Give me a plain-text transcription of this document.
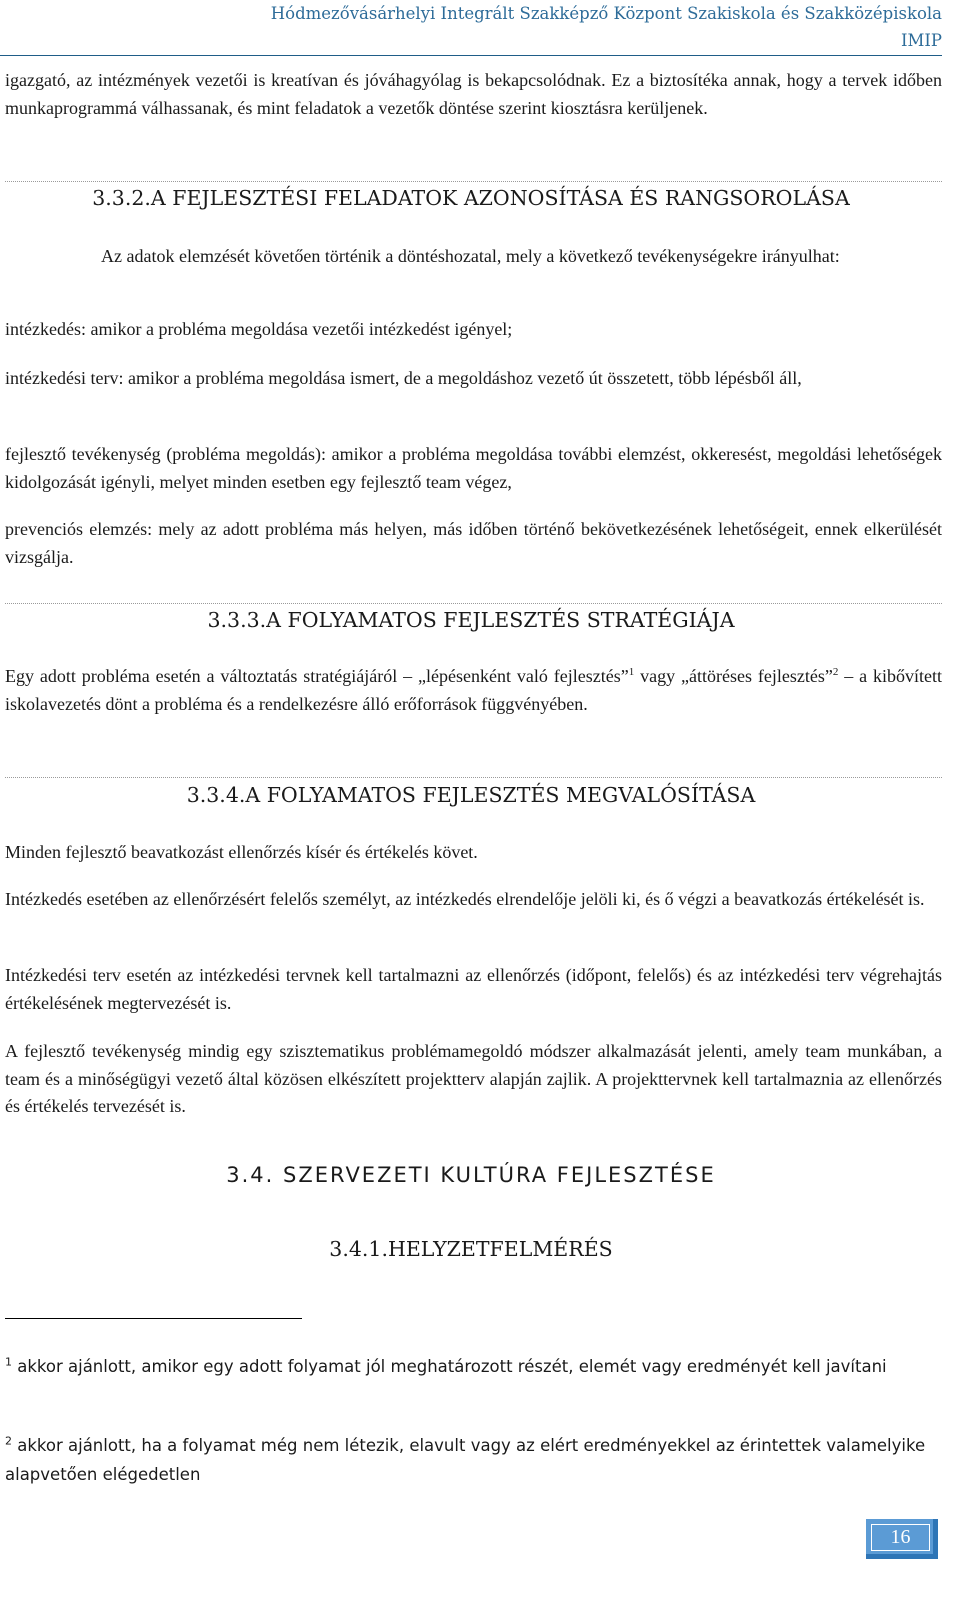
Hódmezővásárhelyi Integrált Szakképző Központ Szakiskola és Szakközépiskola
IMIP
igazgató, az intézmények vezetői is kreatívan és jóváhagyólag is bekapcsolódnak. Ez a biztosítéka annak, hogy a tervek időben munkaprogrammá válhassanak, és mint feladatok a vezetők döntése szerint kiosztásra kerüljenek.
3.3.2.A FEJLESZTÉSI FELADATOK AZONOSÍTÁSA ÉS RANGSOROLÁSA
Az adatok elemzését követően történik a döntéshozatal, mely a következő tevékenységekre irányulhat:
intézkedés: amikor a probléma megoldása vezetői intézkedést igényel;
intézkedési terv: amikor a probléma megoldása ismert, de a megoldáshoz vezető út összetett, több lépésből áll,
fejlesztő tevékenység (probléma megoldás): amikor a probléma megoldása további elemzést, okkeresést, megoldási lehetőségek kidolgozását igényli, melyet minden esetben egy fejlesztő team végez,
prevenciós elemzés: mely az adott probléma más helyen, más időben történő bekövetkezésének lehetőségeit, ennek elkerülését vizsgálja.
3.3.3.A FOLYAMATOS FEJLESZTÉS STRATÉGIÁJA
Egy adott probléma esetén a változtatás stratégiájáról – „lépésenként való fejlesztés”$^1$ vagy „áttöréses fejlesztés”$^2$ – a kibővített iskolavezetés dönt a probléma és a rendelkezésre álló erőforrások függvényében.
3.3.4.A FOLYAMATOS FEJLESZTÉS MEGVALÓSÍTÁSA
Minden fejlesztő beavatkozást ellenőrzés kísér és értékelés követ.
Intézkedés esetében az ellenőrzésért felelős személyt, az intézkedés elrendelője jelöli ki, és ő végzi a beavatkozás értékelését is.
Intézkedési terv esetén az intézkedési tervnek kell tartalmazni az ellenőrzés (időpont, felelős) és az intézkedési terv végrehajtás értékelésének megtervezését is.
A fejlesztő tevékenység mindig egy szisztematikus problémamegoldó módszer alkalmazását jelenti, amely team munkában, a team és a minőségügyi vezető által közösen elkészített projektterv alapján zajlik. A projekttervnek kell tartalmaznia az ellenőrzés és értékelés tervezését is.
3.4. SZERVEZETI KULTÚRA FEJLESZTÉSE
3.4.1.HELYZETFELMÉRÉS
$^1$ akkor ajánlott, amikor egy adott folyamat jól meghatározott részét, elemét vagy eredményét kell javítani
$^2$ akkor ajánlott, ha a folyamat még nem létezik, elavult vagy az elért eredményekkel az érintettek valamelyike alapvetően elégedetlen
16
